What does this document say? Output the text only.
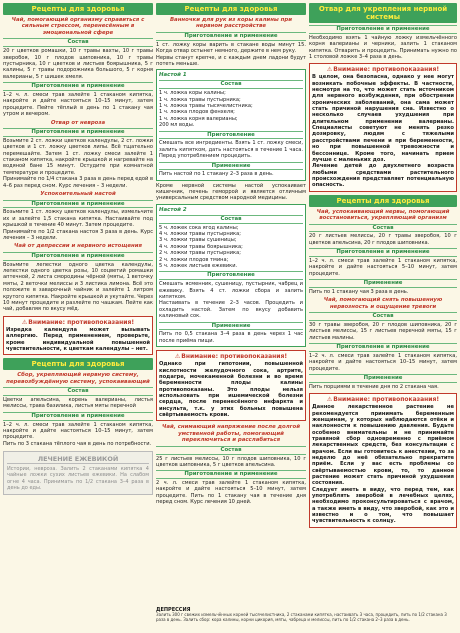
Рецепты для здоровья
Чай, помогающий организму справиться с сильным стрессом, перенесённым в эмоциональной сфере
Состав
20 г цветков ромашки, 10 г травы вахты, 10 г травы зверобоя, 10 г плодов шиповника, 10 г травы пустырника, 10 г цветков и листьев боярышника, 5 г калины, 5 г травы подорожника большого, 5 г корня валерианы, 5 г шишек хмеля.
Приготовление и применение
1–2 ч. л. смеси трав залейте 1 стаканом кипятка, накройте и дайте настояться 10–15 минут, затем процедите. Пейте тёплый в день по 1 стакану чая утром и вечером.
Отвар от невроза
Приготовление и применение
Возьмите 2 ст. ложки цветков календулы, 2 ст. ложки цветков и 1 ст. ложку цветков липы. Всё тщательно перемешайте. Затем 1 ст. ложку смеси залейте 1 стаканом кипятка, накройте крышкой и нагревайте на водяной бане 15 минут. Остудите при комнатной температуре и процедите.
Принимайте по 1/4 стакана 3 раза в день перед едой в 4–6 раз перед сном. Курс лечения – 3 недели.
Успокоительный настой
Приготовление и применение
Возьмите 1 ст. ложку цветков календулы, измельчите их и залейте 1,5 стакана кипятка. Настаивайте под крышкой в течение 40 минут. Затем процедите.
Принимайте по 1/2 стакана настоя 3 раза в день. Курс лечения – 3 недели.
Чай от депрессии и нервного истощения
Приготовление и применение
Возьмите лепестки одного цветка календулы, лепестки одного цветка розы, 10 соцветий ромашки аптечной, 2 листа смородины чёрной (мяты, 1 веточку мяты, 2 веточки мелиссы и 3 листика лимона. Всё это положите в заварочный чайник и залейте 1 литром крутого кипятка. Накройте крышкой и укутайте. Через 10 минут процедите и разлейте по чашкам. Пейте как чай, добавляя по вкусу мёд.
⚠Внимание: противопоказания!
Изредка календула может вызывать аллергию. Перед применением, проверьте, кроме индивидуальной повышенной чувствительности, к цветкам календулы – нет.
Рецепты для здоровья
Сбор, укрепляющий нервную систему, перевозбуждённую систему, успокаивающий
Состав
Цветки апельсина, корень валерианы, листья мелиссы, трава базилика, листья мяты перечной
Приготовление и применение
1–2 ч. л. смеси трав залейте 1 стаканом кипятка, накройте и дайте настояться 10–15 минут, затем процедите.
Пить по 3 стакана тёплого чая в день по потребности.
ЛЕЧЕНИЕ ЕЖЕВИКОЙ
Истории, невроза. Залить 2 стаканами кипятка 4 чайные ложки сухих листьев ежевики. На слабом огне 4 часа. Принимать по 1/2 стакана 3–4 раза в день до еды.
Рецепты для здоровья
Ванночки для рук из коры калины при нервном расстройстве
Приготовление и применение
1 ст. ложку коры варить в стакане воды минут 15. Когда отвар остынет немного, держите в нем руку.
Нервы станут крепче, и с каждым днем ладони будут потеть меньше.
Настой 1
Состав
1 ч. ложка коры калины;
1 ч. ложка травы пустырника;
1 ч. ложка травы тысячелистника;
1 ч. ложка плодов фенхеля;
1 ч. ложка корня валерианы;
200 мл воды.
Приготовление
Смешать все ингредиенты. Взять 1 ст. ложку смеси, залить кипятком, дать настояться в течение 1 часа. Перед употреблением процедить.
Применение
Пить настой по 1 стакану 2–3 раза в день.
Кроме нервной системы настой успокаивает кишечник, печень геморрой и является отличным универсальным средством народной медицины.
Настой 2
Состав
5 ч. ложек сока ягод калины;
4 ч. ложки травы пустырника;
3 ч. ложки травы сушеницы;
4 ч. ложки травы боярышника;
2 ч. ложки травы пустырника;
2 ч. ложки плодов тмина;
5 ч. ложек листьев ежевики.
Приготовление
Смешать ясменник, сушеницу, пустырник, чабрец и ежевику. Взять 4 ст. ложки сбора и залить кипятком.
Настаивать в течение 2–3 часов. Процедить и охладить настой. Затем по вкусу добавить калиновый сок.
Применение
Пить по 0,5 стакана 3–4 раза в день через 1 час после приёма пищи.
⚠Внимание: противопоказания!
Однако при гипотонии, повышенной кислотности желудочного сока, артрите, подагре, мочекаменной болезни и во время беременности плоды калины противопоказаны. Это плоды нельзя использовать при ишемической болезни сердца, после перенесённого инфаркта и инсульта, т.к. у этих больных повышена свёртываемость крови.
Чай, снимающий напряжение после долгой умственной работы, помогающий переключиться и расслабиться
Состав
25 г листьев мелиссы, 10 г плодов шиповника, 10 г цветков шиповника, 5 г цветков апельсина.
Приготовление и применение
2 ч. л. смеси трав залейте 1 стаканом кипятка, накройте и дайте настояться 5–10 минут, затем процедите. Пить по 1 стакану чая в течение дня перед сном. Курс лечения 10 дней.
Отвар для укрепления нервной системы
Приготовление и применение
Необходимо взять 1 чайную ложку измельчённого корня валерианы и черники, залить 1 стаканом кипятка. Отварить и процедить. Принимать нужно по 1 столовой ложке 3–4 раза в день.
⚠Внимание: противопоказания!
В целом, она безопасна, однако у нее могут возникать побочные эффекты. В частности, несмотря на то, что может стать источником для нервного возбуждения, при обострении хронических заболеваний, она сама может стать причиной нарушения сна. Известно о несколько случаев ухудшения при длительном применении валерианы. Специалисты советуют не менять резко дозировку, людям с тяжелыми расстройствами печени и при беременности, но при повышенной тревожности и бессоннице. Кроме того, начинать прием лучше с маленьких доз.
Лечение детей до двухлетнего возраста любыми средствами растительного происхождения представляет потенциальную опасность.
Рецепты для здоровья
Чай, успокаивающий нервы, помогающий восстановиться, укрепляющий организм
Состав
20 г листьев мелиссы, 20 г травы зверобоя, 10 г цветков апельсина, 20 г плодов шиповника.
Приготовление и применение
1–2 ч. л. смеси трав залейте 1 стаканом кипятка, накройте и дайте настояться 5–10 минут, затем процедите.
Применение
Пить по 1 стакану чая 3 раза в день.
Чай, помогающий снять повышенную нервозность и ощущение тревоги
Состав
30 г травы зверобоя, 20 г плодов шиповника, 20 г листьев мелиссы, 15 г листьев перечной мяты, 15 г листьев малины.
Приготовление и применение
1–2 ч. л. смеси трав залейте 1 стаканом кипятка, накройте и дайте настояться 10–15 минут, затем процедите.
Применение
Пить порциями в течение дня по 2 стакана чая.
⚠Внимание: противопоказания!
Данное лекарственное растение не рекомендуется принимать беременным женщинам, у которых наблюдаются отёки и наклонности к повышению давления. Будьте особенно внимательны и не принимайте травяной сбор одновременно с приёмом лекарственных средств, без консультации с врачом. Если вы готовитесь к анестезии, то за неделю до неё обязательно прекратите приём. Если у вас есть проблемы со свёртываемостью крови, то, то данное растение может стать причиной ухудшения состояния.
Следует иметь в виду, что перед тем, как употреблять зверобой в лечебных целях, необходимо проконсультироваться с врачом, а также иметь в виду, что зверобой, как это и известно и о том, что повышает чувствительность к солнцу.
ДЕПРЕССИЯ
Залить 300 г свежих измельчённых корней тысячелистника, 2 стаканами кипятка, настаивать 3 часа, процедить, пить по 1/2 стакана 3 раза в день. Залить сбор: кора калины, корни цикория, мяты, чабреца и мелиссы, пить по 1/2 стакана 2–3 раза в день.
